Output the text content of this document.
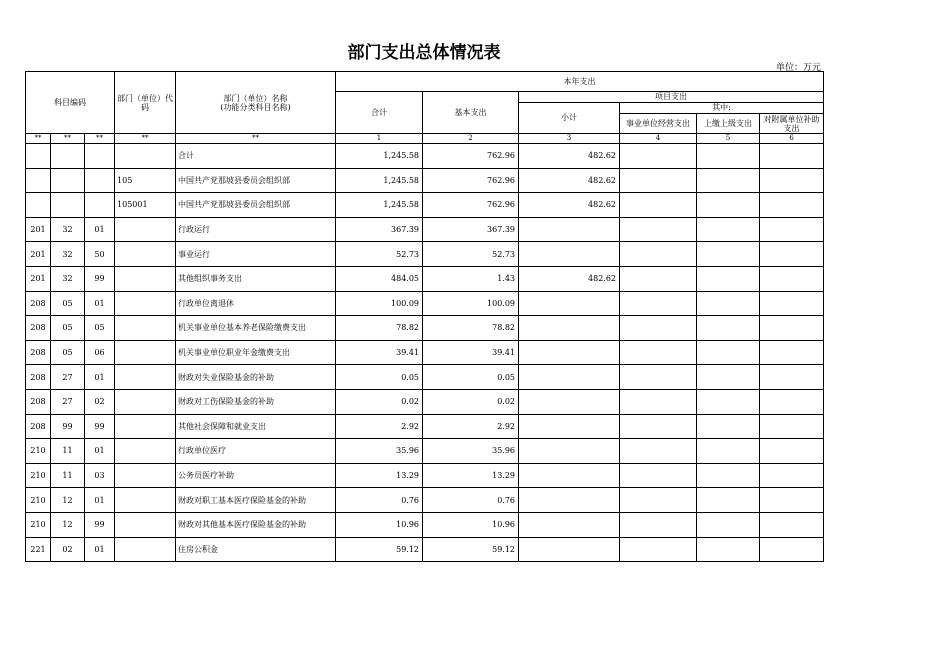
部门支出总体情况表
单位：万元
科目编码			部门（单位）代码	部门（单位）名称
(功能分类科目名称)	本年支出					
					合计	基本支出	项目支出			
							小计	其中:		
								事业单位经营支出	上缴上级支出	对附属单位补助支出
**	**	**	**	**	1	2	3	4	5	6
				合计	1,245.58	762.96	482.62			
			105	中国共产党那坡县委员会组织部	1,245.58	762.96	482.62			
			105001	中国共产党那坡县委员会组织部	1,245.58	762.96	482.62			
201	32	01		行政运行	367.39	367.39				
201	32	50		事业运行	52.73	52.73				
201	32	99		其他组织事务支出	484.05	1.43	482.62			
208	05	01		行政单位离退休	100.09	100.09				
208	05	05		机关事业单位基本养老保险缴费支出	78.82	78.82				
208	05	06		机关事业单位职业年金缴费支出	39.41	39.41				
208	27	01		财政对失业保险基金的补助	0.05	0.05				
208	27	02		财政对工伤保险基金的补助	0.02	0.02				
208	99	99		其他社会保障和就业支出	2.92	2.92				
210	11	01		行政单位医疗	35.96	35.96				
210	11	03		公务员医疗补助	13.29	13.29				
210	12	01		财政对职工基本医疗保险基金的补助	0.76	0.76				
210	12	99		财政对其他基本医疗保险基金的补助	10.96	10.96				
221	02	01		住房公积金	59.12	59.12				
